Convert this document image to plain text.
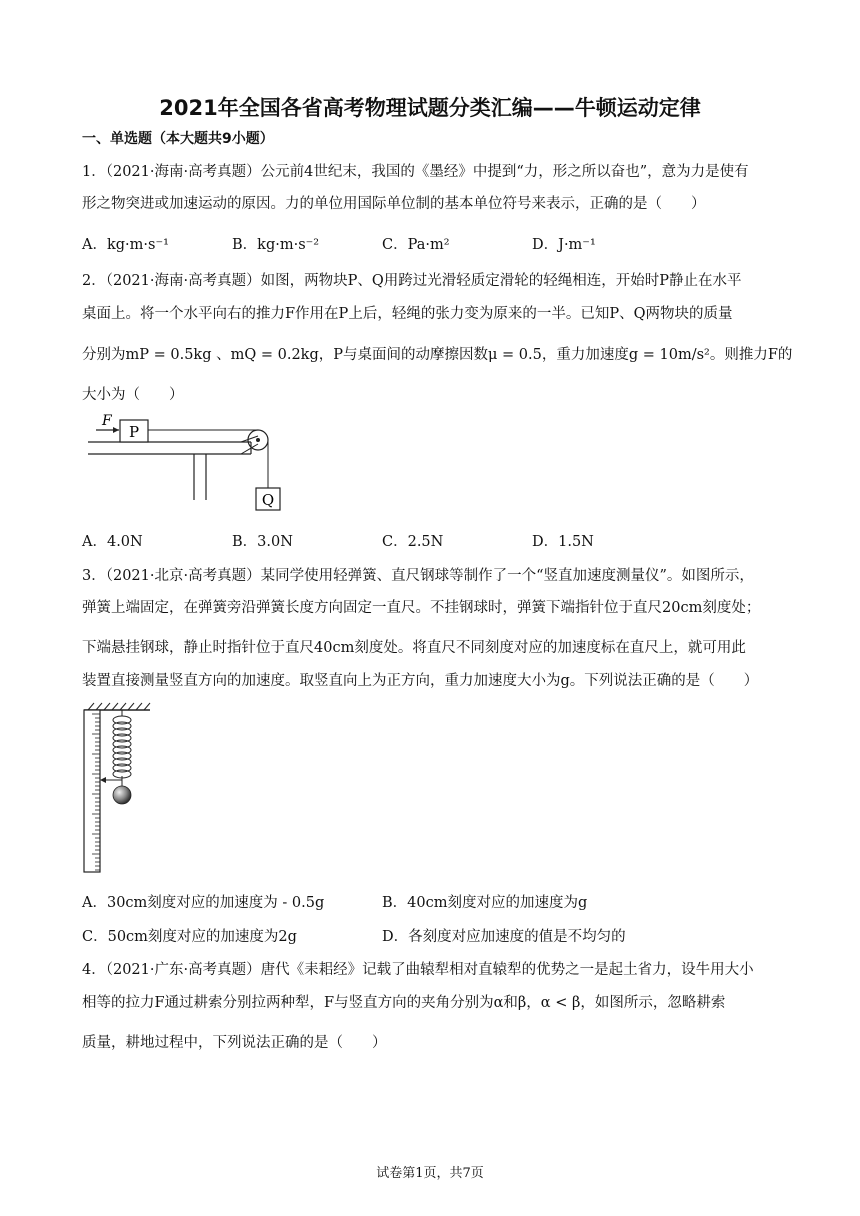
2021年全国各省高考物理试题分类汇编——牛顿运动定律
一、单选题（本大题共9小题）
1．（2021·海南·高考真题）公元前4世纪末，我国的《墨经》中提到“力，形之所以奋也”，意为力是使有
形之物突进或加速运动的原因。力的单位用国际单位制的基本单位符号来表示，正确的是（　　）
A．kg·m·s⁻¹	B．kg·m·s⁻²	C．Pa·m²	D．J·m⁻¹
2．（2021·海南·高考真题）如图，两物块P、Q用跨过光滑轻质定滑轮的轻绳相连，开始时P静止在水平
桌面上。将一个水平向右的推力F作用在P上后，轻绳的张力变为原来的一半。已知P、Q两物块的质量
分别为mP = 0.5kg 、mQ = 0.2kg，P与桌面间的动摩擦因数μ = 0.5，重力加速度g = 10m/s²。则推力F的
大小为（　　）
P
F
Q
A．4.0N	B．3.0N	C．2.5N	D．1.5N
3．（2021·北京·高考真题）某同学使用轻弹簧、直尺钢球等制作了一个“竖直加速度测量仪”。如图所示，
弹簧上端固定，在弹簧旁沿弹簧长度方向固定一直尺。不挂钢球时，弹簧下端指针位于直尺20cm刻度处；
下端悬挂钢球，静止时指针位于直尺40cm刻度处。将直尺不同刻度对应的加速度标在直尺上，就可用此
装置直接测量竖直方向的加速度。取竖直向上为正方向，重力加速度大小为g。下列说法正确的是（　　）
A．30cm刻度对应的加速度为 - 0.5g	B．40cm刻度对应的加速度为g
C．50cm刻度对应的加速度为2g	D．各刻度对应加速度的值是不均匀的
4．（2021·广东·高考真题）唐代《耒耜经》记载了曲辕犁相对直辕犁的优势之一是起土省力，设牛用大小
相等的拉力F通过耕索分别拉两种犁，F与竖直方向的夹角分别为α和β，α < β，如图所示，忽略耕索
质量，耕地过程中，下列说法正确的是（　　）
试卷第1页，共7页
